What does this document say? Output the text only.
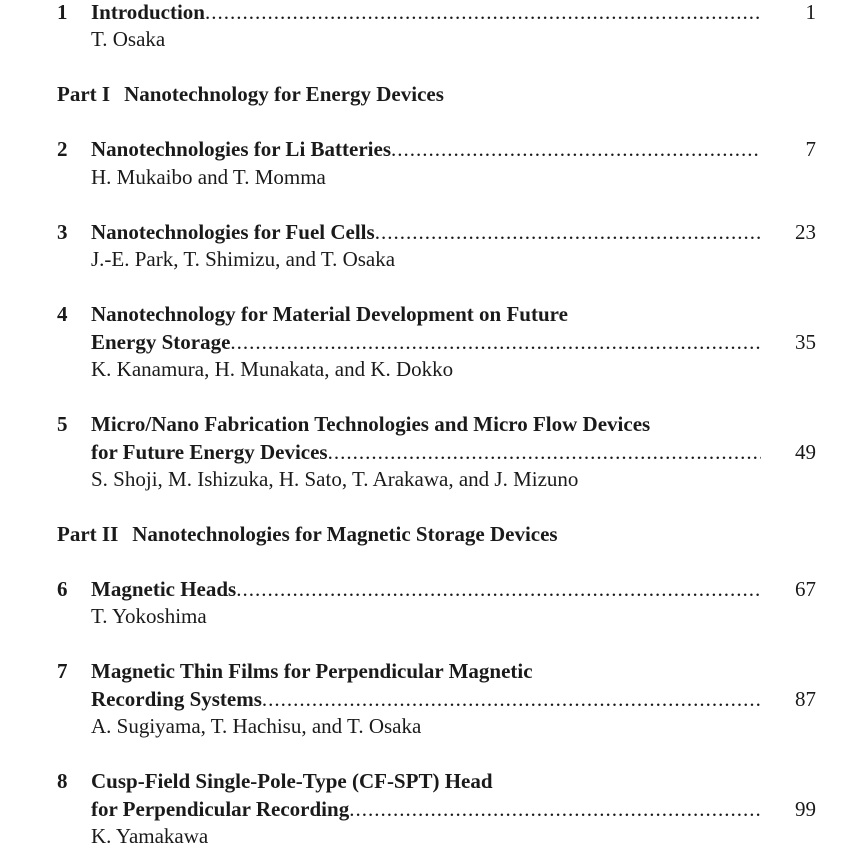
1 Introduction .....	1
T. Osaka
Part I Nanotechnology for Energy Devices
2 Nanotechnologies for Li Batteries .....	7
H. Mukaibo and T. Momma
3 Nanotechnologies for Fuel Cells .....	23
J.-E. Park, T. Shimizu, and T. Osaka
4 Nanotechnology for Material Development on Future
Energy Storage .....	35
K. Kanamura, H. Munakata, and K. Dokko
5 Micro/Nano Fabrication Technologies and Micro Flow Devices
for Future Energy Devices .....	49
S. Shoji, M. Ishizuka, H. Sato, T. Arakawa, and J. Mizuno
Part II Nanotechnologies for Magnetic Storage Devices
6 Magnetic Heads .....	67
T. Yokoshima
7 Magnetic Thin Films for Perpendicular Magnetic
Recording Systems .....	87
A. Sugiyama, T. Hachisu, and T. Osaka
8 Cusp-Field Single-Pole-Type (CF-SPT) Head
for Perpendicular Recording .....	99
K. Yamakawa
